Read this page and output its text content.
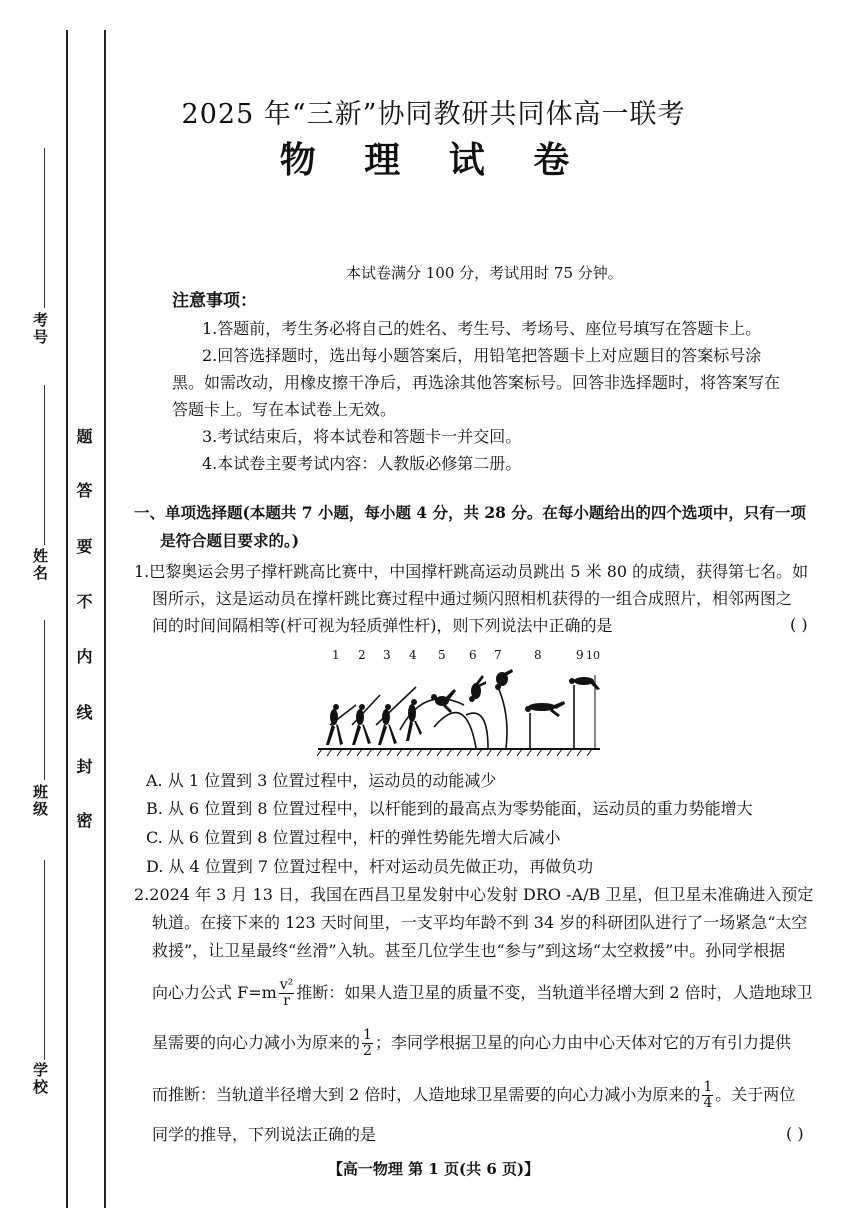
考号
姓名
班级
学校
题
答
要
不
内
线
封
密
2025 年“三新”协同教研共同体高一联考
物 理 试 卷
本试卷满分 100 分，考试用时 75 分钟。
注意事项：
1.答题前，考生务必将自己的姓名、考生号、考场号、座位号填写在答题卡上。
2.回答选择题时，选出每小题答案后，用铅笔把答题卡上对应题目的答案标号涂
黑。如需改动，用橡皮擦干净后，再选涂其他答案标号。回答非选择题时，将答案写在
答题卡上。写在本试卷上无效。
3.考试结束后，将本试卷和答题卡一并交回。
4.本试卷主要考试内容：人教版必修第二册。
一、单项选择题(本题共 7 小题，每小题 4 分，共 28 分。在每小题给出的四个选项中，只有一项
是符合题目要求的。)
1.巴黎奥运会男子撑杆跳高比赛中，中国撑杆跳高运动员跳出 5 米 80 的成绩，获得第七名。如
图所示，这是运动员在撑杆跳比赛过程中通过频闪照相机获得的一组合成照片，相邻两图之
间的时间间隔相等(杆可视为轻质弹性杆)，则下列说法中正确的是	( )
1 2 3 4 5 6 7	8	9 10
A. 从 1 位置到 3 位置过程中，运动员的动能减少
B. 从 6 位置到 8 位置过程中，以杆能到的最高点为零势能面，运动员的重力势能增大
C. 从 6 位置到 8 位置过程中，杆的弹性势能先增大后减小
D. 从 4 位置到 7 位置过程中，杆对运动员先做正功，再做负功
2.2024 年 3 月 13 日，我国在西昌卫星发射中心发射 DRO -A/B 卫星，但卫星未准确进入预定
轨道。在接下来的 123 天时间里，一支平均年龄不到 34 岁的科研团队进行了一场紧急“太空
救援”，让卫星最终“丝滑”入轨。甚至几位学生也“参与”到这场“太空救援”中。孙同学根据
向心力公式 $F=m \frac{\text{v²}}{r}$ 推断：如果人造卫星的质量不变，当轨道半径增大到 2 倍时，人造地球卫
星需要的向心力减小为原来的 $\frac{1}{2}$ ；李同学根据卫星的向心力由中心天体对它的万有引力提供
而推断：当轨道半径增大到 2 倍时，人造地球卫星需要的向心力减小为原来的 $\frac{1}{4}$ 。关于两位
同学的推导，下列说法正确的是	( )
【高一物理 第 1 页(共 6 页)】
